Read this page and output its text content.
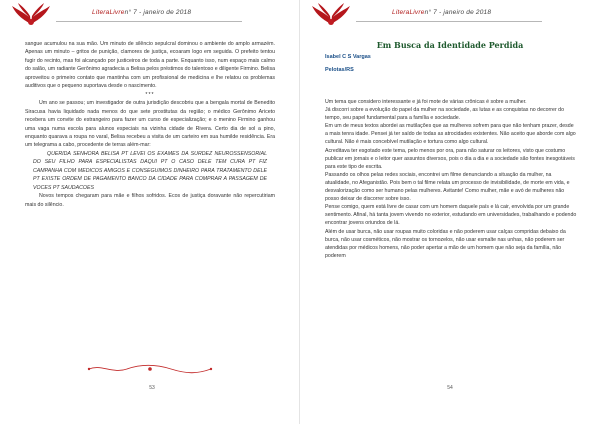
LiteraLivren° 7 - janeiro de 2018

sangue acumulou na sua mão. Um minuto de silêncio sepulcral dominou o ambiente do amplo armazém. Apenas um minuto – gritos de punição, clamores de justiça, ecoaram logo em seguida. O prefeito tentou fugir do recinto, mas foi alcançado por justiceiros de toda a parte. Enquanto isso, num espaço mais calmo do salão, um radiante Gerônimo agradecia a Belisa pelos préstimos do talentoso e diligente Firmino. Belisa aproveitou o primeiro contato que mantinha com um profissional de medicina e lhe relatou os problemas auditivos que o pequeno suportava desde o nascimento.

***

Um ano se passou; um investigador de outra jurisdição descobriu que a bengala mortal de Benedito Siracusa havia liquidado nada menos do que sete prostitutas da região; o médico Gerônimo Ariceto recebera um convite do estrangeiro para fazer um curso de especialização; e o menino Firmino ganhou uma vaga numa escola para alunos especiais na vizinha cidade de Rivera. Certo dia de sol a pino, enquanto quarava a roupa no varal, Belisa recebeu a visita de um carteiro em sua humilde residência. Era um telegrama a cabo, procedente de terras além-mar:

QUERIDA SENHORA BELISA PT LEVEI OS EXAMES DA SURDEZ NEUROSSENSORIAL DO SEU FILHO PARA ESPECIALISTAS DAQUI PT O CASO DELE TEM CURA PT FIZ CAMPANHA COM MEDICOS AMIGOS E CONSEGUIMOS DINHEIRO PARA TRATAMENTO DELE PT EXISTE ORDEM DE PAGAMENTO BANCO DA CIDADE PARA COMPRAR A PASSAGEM DE VOCES PT SAUDACOES

Novos tempos chegaram para mãe e filhos sofridos. Ecos de justiça doravante não repercutiriam mais do silêncio.

53
LiteraLivren° 7 - janeiro de 2018
Em Busca da Identidade Perdida
Isabel C S Vargas
Pelotas/RS

Um tema que considero interessante e já foi mote de várias crônicas é sobre a mulher.

Já discorri sobre a evolução do papel da mulher na sociedade, as lutas e as conquistas no decorrer do tempo, seu papel fundamental para a família e sociedade.

Em um de meus textos abordei as mutilações que as mulheres sofrem para que não tenham prazer, desde a mais tenra idade. Pensei já ter saído de todas as atrocidades existentes. Não aceito que aborde com algo cultural. Não é mais concebível mutilação e tortura como algo cultural.

Acreditava ter esgotado este tema, pelo menos por ora, para não saturar os leitores, visto que costumo publicar em jornais e o leitor quer assuntos diversos, pois o dia a dia e a sociedade são fontes inesgotáveis para este tipo de escrita.

Passando os olhos pelas redes sociais, encontrei um filme denunciando a situação da mulher, na atualidade, no Afeganistão. Pois bem o tal filme relata um processo de invisibilidade, de morte em vida, e desvalorização como ser humano pelas mulheres. Avitante! Como mulher, mãe e avó de mulheres não posso deixar de discorrer sobre isso.

Pense comigo, quem está livre de casar com um homem daquele país e lá cair, envolvida por um grande sentimento. Afinal, há tanta jovem vivendo no exterior, estudando em universidades, trabalhando e podendo encontrar jovens oriundos de lá.

Além de usar burca, não usar roupas muito coloridas e não poderem usar calças compridas debaixo da burca, não usar cosméticos, não mostrar os tornozelos, não usar esmalte nas unhas, não poderem ser atendidas por médicos homens, não poder apertar a mão de um homem que não seja da família, não poderem

54
